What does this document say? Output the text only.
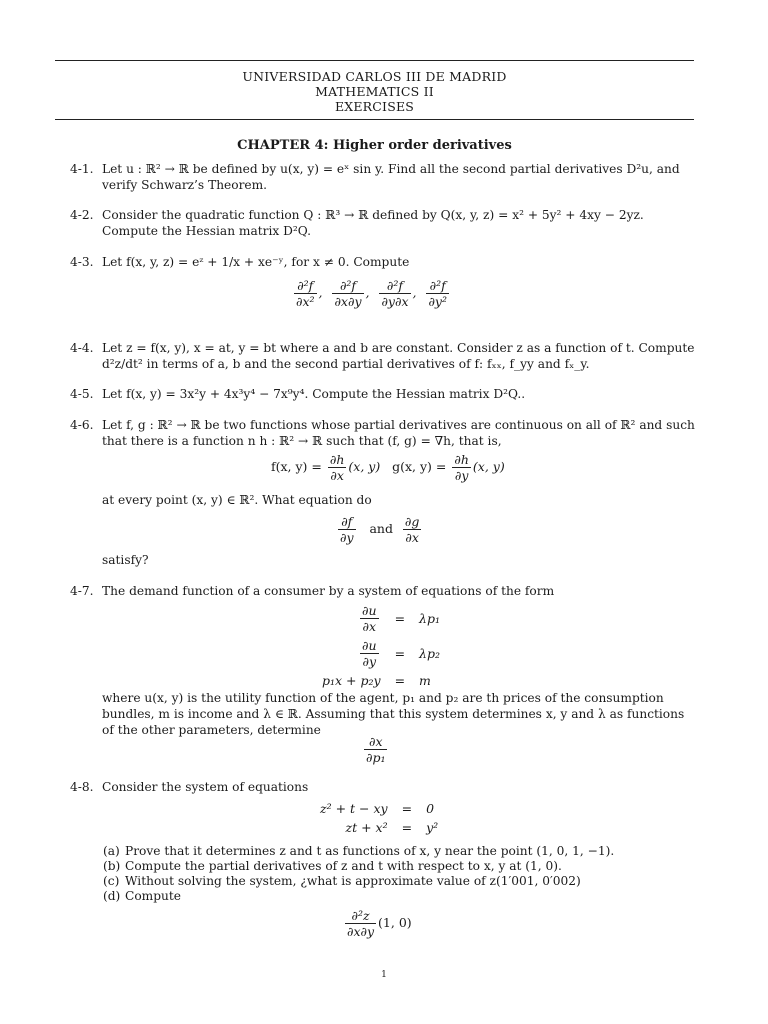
UNIVERSIDAD CARLOS III DE MADRID
MATHEMATICS II
EXERCISES
CHAPTER 4: Higher order derivatives
4-1. Let u : ℝ² → ℝ be defined by u(x, y) = eˣ sin y. Find all the second partial derivatives D²u, and verify Schwarz’s Theorem.
4-2. Consider the quadratic function Q : ℝ³ → ℝ defined by Q(x, y, z) = x² + 5y² + 4xy − 2yz. Compute the Hessian matrix D²Q.
4-3. Let f(x, y, z) = eᶻ + 1/x + xe⁻ʸ, for x ≠ 0. Compute
$\frac{\text{∂²f}}{\text{∂x²}}$ , $\frac{\text{∂²f}}{\partial x\partial y}$ , $\frac{\text{∂²f}}{\partial y\partial x}$ , $\frac{\text{∂²f}}{\text{∂y²}}$
4-4. Let z = f(x, y), x = at, y = bt where a and b are constant. Consider z as a function of t. Compute d²z/dt² in terms of a, b and the second partial derivatives of f: fₓₓ, f_yy and fₓ_y.
4-5. Let f(x, y) = 3x²y + 4x³y⁴ − 7x⁹y⁴. Compute the Hessian matrix D²Q..
4-6. Let f, g : ℝ² → ℝ be two functions whose partial derivatives are continuous on all of ℝ² and such that there is a function n h : ℝ² → ℝ such that (f, g) = ∇h, that is,
f(x, $y) = \frac{\partial h}{\partial x} (x$, y) g(x, $y) = \frac{\partial h}{\partial y} (x$, y)
at every point (x, y) ∈ ℝ². What equation do
$\frac{\partial f}{\partial y}$ and $\frac{\partial g}{\partial x}$
satisfy?
4-7. The demand function of a consumer by a system of equations of the form
$\frac{\partial u}{\partial x}$	=	λp₁

$\frac{\partial u}{\partial y}$	=	λp₂
p₁x + p₂y	=	m
where u(x, y) is the utility function of the agent, p₁ and p₂ are th prices of the consumption bundles, m is income and λ ∈ ℝ. Assuming that this system determines x, y and λ as functions of the other parameters, determine
$\frac{\partial x}{\text{∂p₁}}$
4-8. Consider the system of equations
z² + t − xy	=	0
zt + x²	=	y²
(a) Prove that it determines z and t as functions of x, y near the point (1, 0, 1, −1).
(b) Compute the partial derivatives of z and t with respect to x, y at (1, 0).
(c) Without solving the system, ¿what is approximate value of z(1′001, 0′002)
(d) Compute
$\frac{\text{∂²z}}{\partial x\partial y} (1$, 0)
1
